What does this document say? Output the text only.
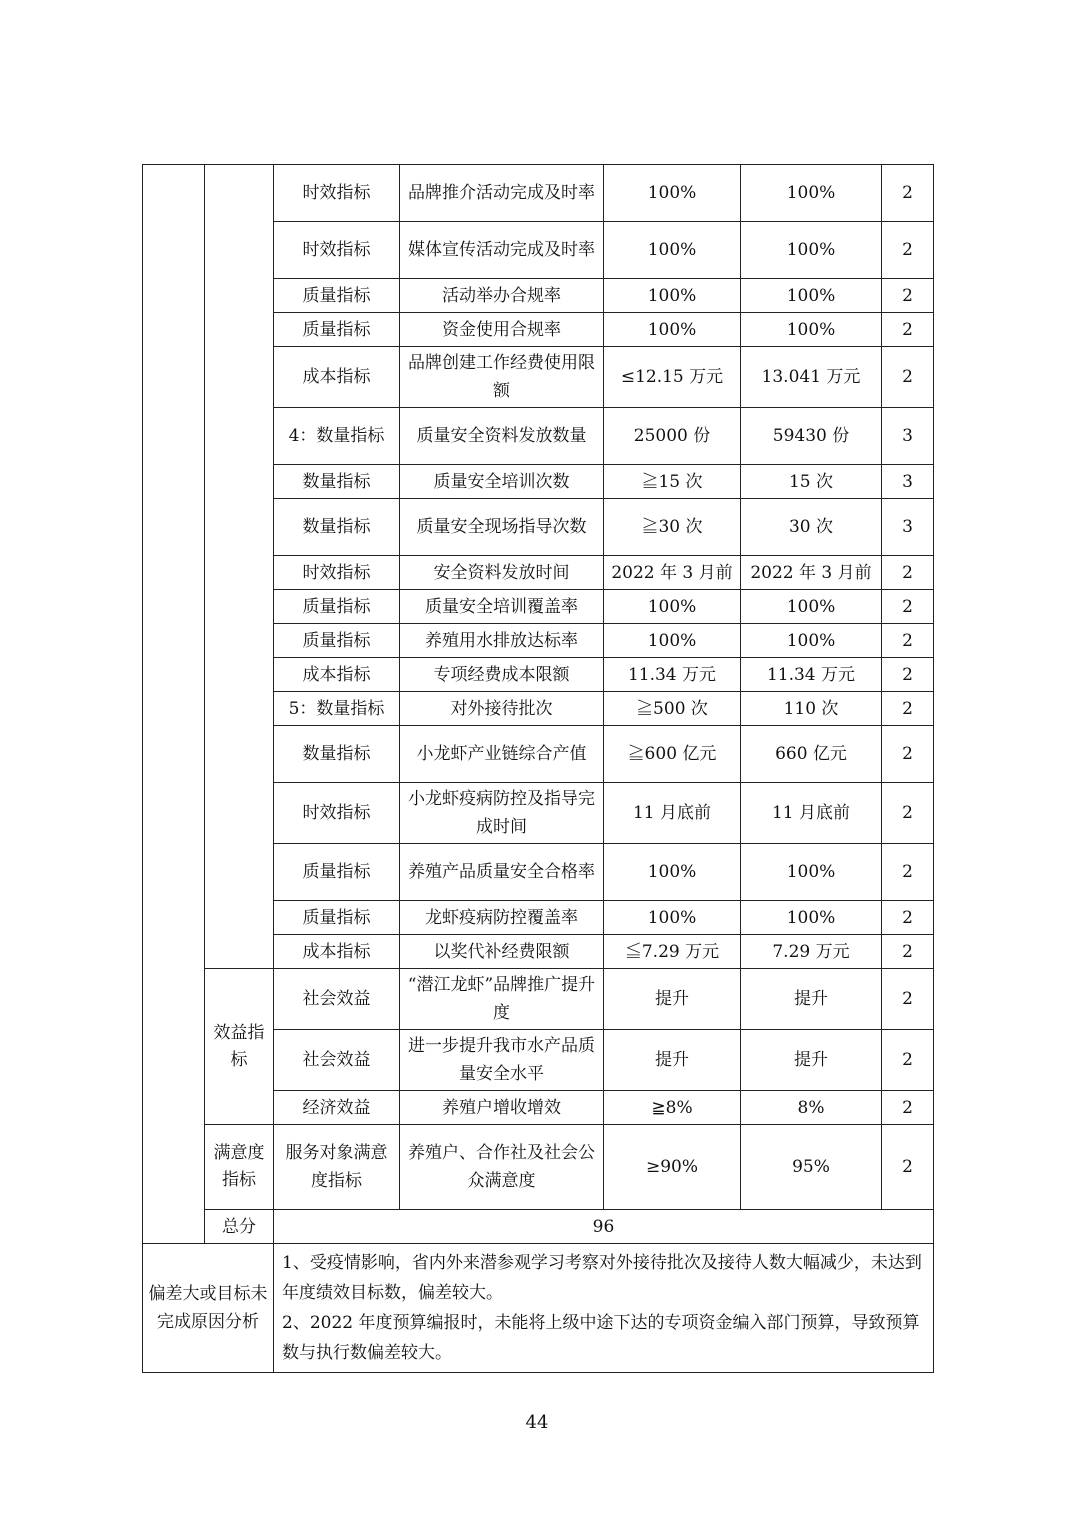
		时效指标	品牌推介活动完成及时率	100%	100%	2
		时效指标	媒体宣传活动完成及时率	100%	100%	2
		质量指标	活动举办合规率	100%	100%	2
		质量指标	资金使用合规率	100%	100%	2
		成本指标	品牌创建工作经费使用限额	≤12.15 万元	13.041 万元	2
		4：数量指标	质量安全资料发放数量	25000 份	59430 份	3
		数量指标	质量安全培训次数	≧15 次	15 次	3
		数量指标	质量安全现场指导次数	≧30 次	30 次	3
		时效指标	安全资料发放时间	2022 年 3 月前	2022 年 3 月前	2
		质量指标	质量安全培训覆盖率	100%	100%	2
		质量指标	养殖用水排放达标率	100%	100%	2
		成本指标	专项经费成本限额	11.34 万元	11.34 万元	2
		5：数量指标	对外接待批次	≧500 次	110 次	2
		数量指标	小龙虾产业链综合产值	≧600 亿元	660 亿元	2
		时效指标	小龙虾疫病防控及指导完成时间	11 月底前	11 月底前	2
		质量指标	养殖产品质量安全合格率	100%	100%	2
		质量指标	龙虾疫病防控覆盖率	100%	100%	2
		成本指标	以奖代补经费限额	≦7.29 万元	7.29 万元	2
	效益指标	社会效益	“潜江龙虾”品牌推广提升度	提升	提升	2
		社会效益	进一步提升我市水产品质量安全水平	提升	提升	2
		经济效益	养殖户增收增效	≧8%	8%	2
	满意度指标	服务对象满意度指标	养殖户、合作社及社会公众满意度	≥90%	95%	2
	总分	96				
偏差大或目标未完成原因分析		1、受疫情影响，省内外来潜参观学习考察对外接待批次及接待人数大幅减少，未达到年度绩效目标数，偏差较大。
2、2022 年度预算编报时，未能将上级中途下达的专项资金编入部门预算，导致预算数与执行数偏差较大。				
44
